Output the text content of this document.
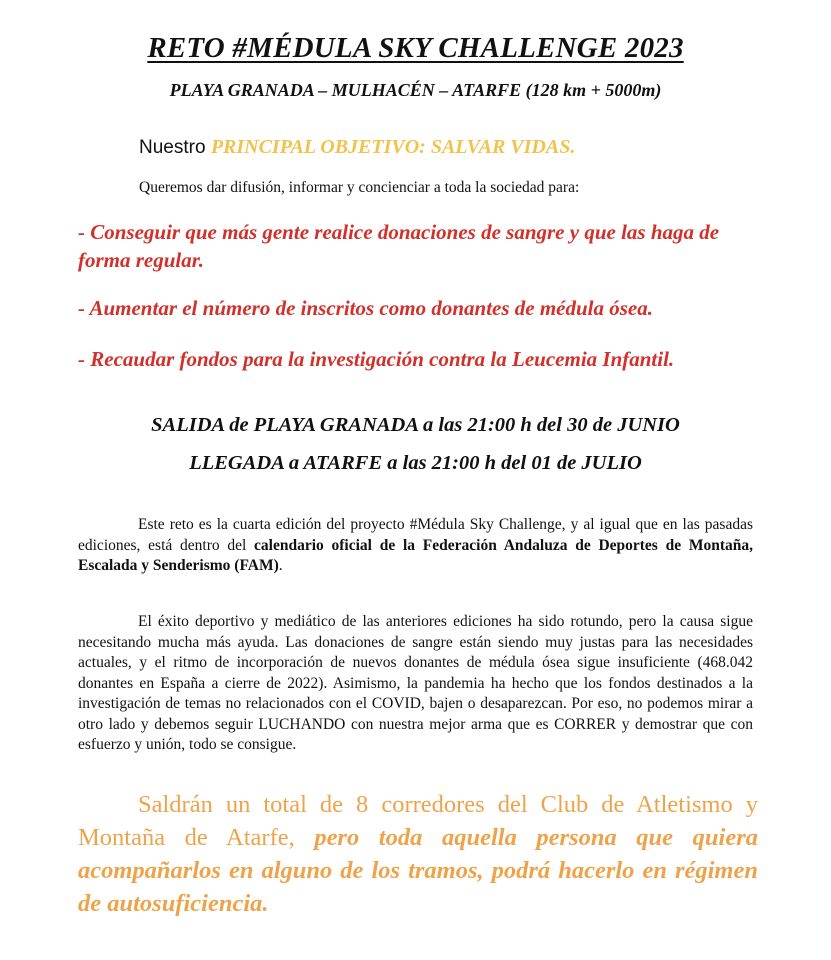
RETO #MÉDULA SKY CHALLENGE 2023
PLAYA GRANADA – MULHACÉN – ATARFE (128 km + 5000m)
Nuestro PRINCIPAL OBJETIVO: SALVAR VIDAS.
Queremos dar difusión, informar y concienciar a toda la sociedad para:
- Conseguir que más gente realice donaciones de sangre y que las haga de forma regular.
- Aumentar el número de inscritos como donantes de médula ósea.
- Recaudar fondos para la investigación contra la Leucemia Infantil.
SALIDA de PLAYA GRANADA a las 21:00 h del 30 de JUNIO
LLEGADA a ATARFE a las 21:00 h del 01 de JULIO
Este reto es la cuarta edición del proyecto #Médula Sky Challenge, y al igual que en las pasadas ediciones, está dentro del calendario oficial de la Federación Andaluza de Deportes de Montaña, Escalada y Senderismo (FAM).
El éxito deportivo y mediático de las anteriores ediciones ha sido rotundo, pero la causa sigue necesitando mucha más ayuda. Las donaciones de sangre están siendo muy justas para las necesidades actuales, y el ritmo de incorporación de nuevos donantes de médula ósea sigue insuficiente (468.042 donantes en España a cierre de 2022). Asimismo, la pandemia ha hecho que los fondos destinados a la investigación de temas no relacionados con el COVID, bajen o desaparezcan. Por eso, no podemos mirar a otro lado y debemos seguir LUCHANDO con nuestra mejor arma que es CORRER y demostrar que con esfuerzo y unión, todo se consigue.
Saldrán un total de 8 corredores del Club de Atletismo y Montaña de Atarfe, pero toda aquella persona que quiera acompañarlos en alguno de los tramos, podrá hacerlo en régimen de autosuficiencia.
